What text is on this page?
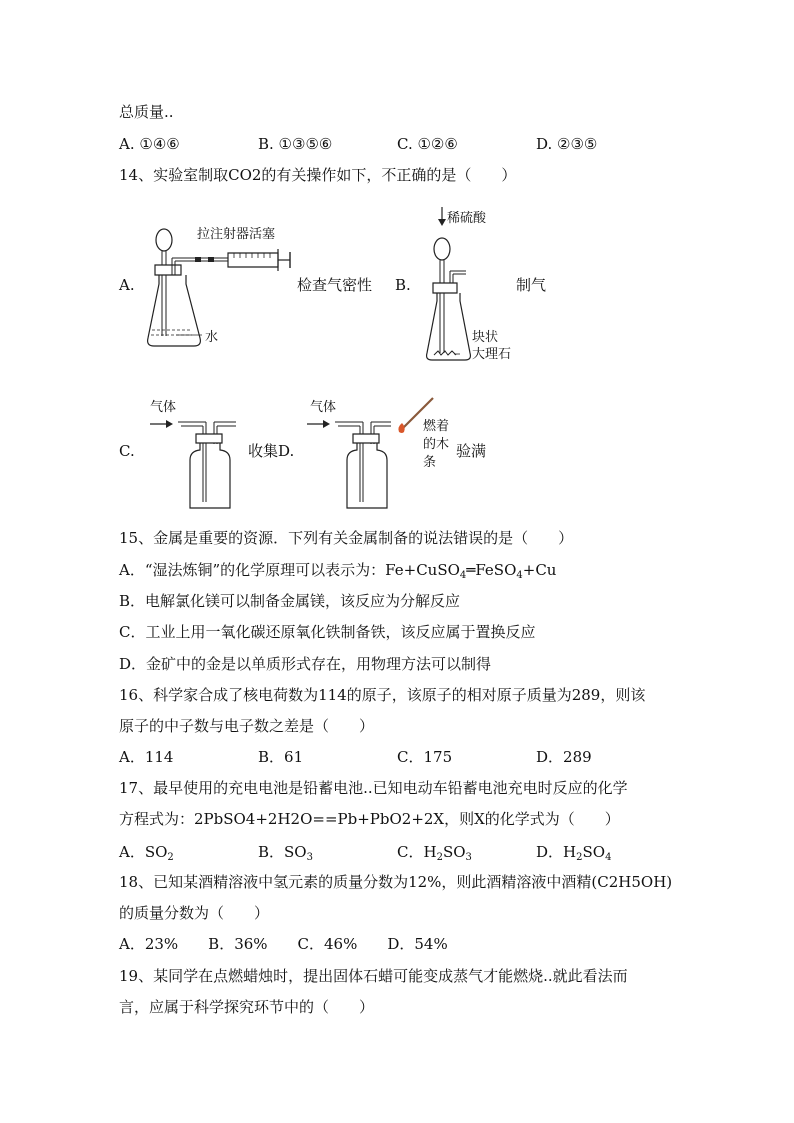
总质量..
A. ①④⑥	B. ①③⑤⑥	C. ①②⑥	D. ②③⑤
14、实验室制取CO2的有关操作如下，不正确的是（　　）
A.
拉注射器活塞
水
检查气密性 B.
稀硫酸
块状
大理石
制气
C.
气体
收集D.
气体
燃着
的木
条
验满
15、金属是重要的资源．下列有关金属制备的说法错误的是（　　）
A．“湿法炼铜”的化学原理可以表示为：Fe+CuSO$_4$═FeSO$_4$+Cu
B．电解氯化镁可以制备金属镁，该反应为分解反应
C．工业上用一氧化碳还原氧化铁制备铁，该反应属于置换反应
D．金矿中的金是以单质形式存在，用物理方法可以制得
16、科学家合成了核电荷数为114的原子，该原子的相对原子质量为289，则该
原子的中子数与电子数之差是（　　）
A．114	B．61	C．175	D．289
17、最早使用的充电电池是铅蓄电池..已知电动车铅蓄电池充电时反应的化学
方程式为：2PbSO4+2H2O==Pb+PbO2+2X，则X的化学式为（　　）
A．$SO_2$	B．$SO_3$	C．$H_2SO_3$	D．$H_2SO_4$
18、已知某酒精溶液中氢元素的质量分数为12%，则此酒精溶液中酒精(C2H5OH)
的质量分数为（　　）
A．23%　　B．36%　　C．46%　　D．54%
19、某同学在点燃蜡烛时，提出固体石蜡可能变成蒸气才能燃烧..就此看法而
言，应属于科学探究环节中的（　　）
